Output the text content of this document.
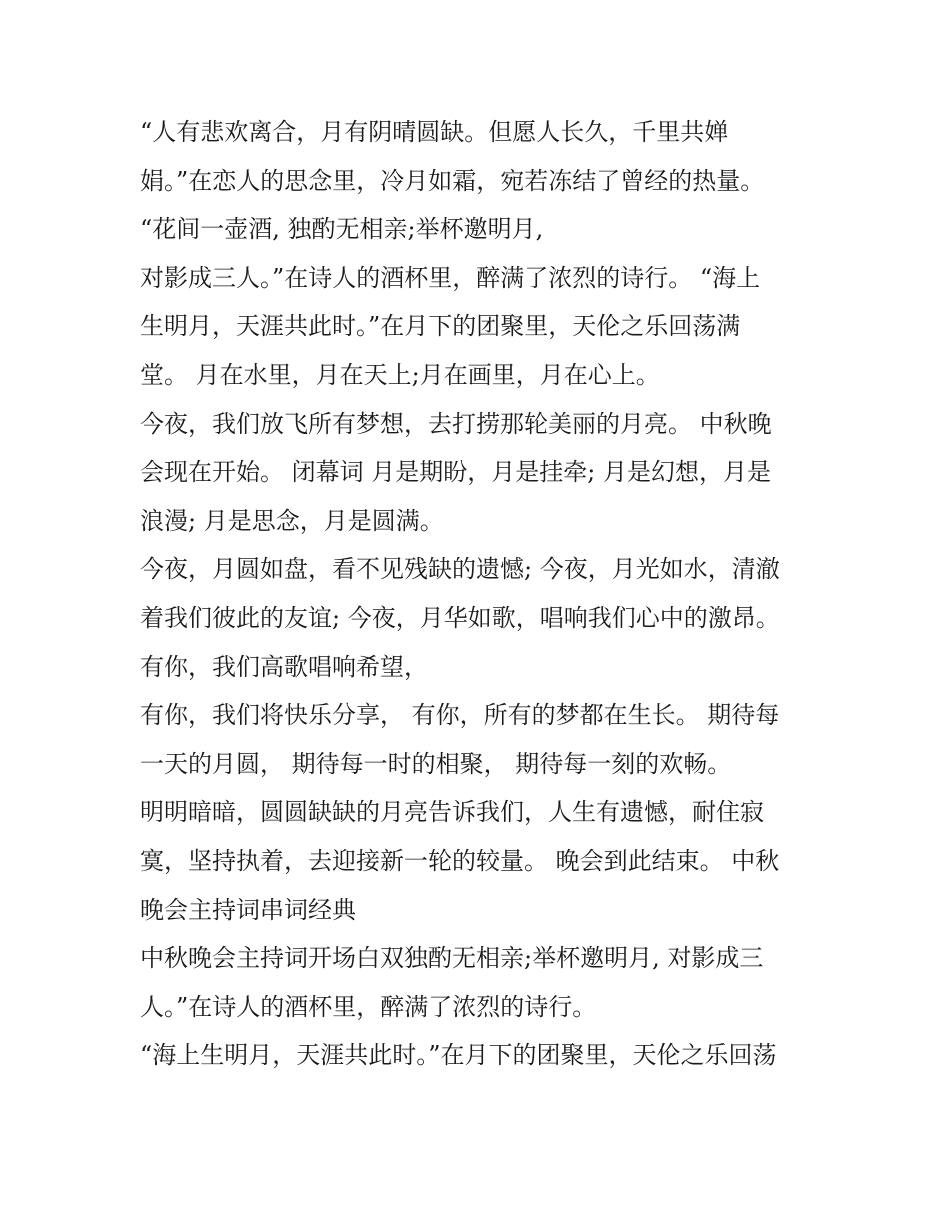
“人有悲欢离合，月有阴晴圆缺。但愿人长久，千里共婵
娟。”在恋人的思念里，冷月如霜，宛若冻结了曾经的热量。
“花间一壶酒, 独酌无相亲;举杯邀明月,
对影成三人。”在诗人的酒杯里，醉满了浓烈的诗行。 “海上
生明月，天涯共此时。”在月下的团聚里，天伦之乐回荡满
堂。 月在水里，月在天上;月在画里，月在心上。
今夜，我们放飞所有梦想，去打捞那轮美丽的月亮。 中秋晚
会现在开始。 闭幕词 月是期盼，月是挂牵; 月是幻想，月是
浪漫; 月是思念，月是圆满。
今夜，月圆如盘，看不见残缺的遗憾; 今夜，月光如水，清澈
着我们彼此的友谊; 今夜，月华如歌，唱响我们心中的激昂。
有你，我们高歌唱响希望，
有你，我们将快乐分享， 有你，所有的梦都在生长。 期待每
一天的月圆， 期待每一时的相聚， 期待每一刻的欢畅。
明明暗暗，圆圆缺缺的月亮告诉我们，人生有遗憾，耐住寂
寞，坚持执着，去迎接新一轮的较量。 晚会到此结束。 中秋
晚会主持词串词经典
中秋晚会主持词开场白双独酌无相亲;举杯邀明月, 对影成三
人。”在诗人的酒杯里，醉满了浓烈的诗行。
“海上生明月，天涯共此时。”在月下的团聚里，天伦之乐回荡
